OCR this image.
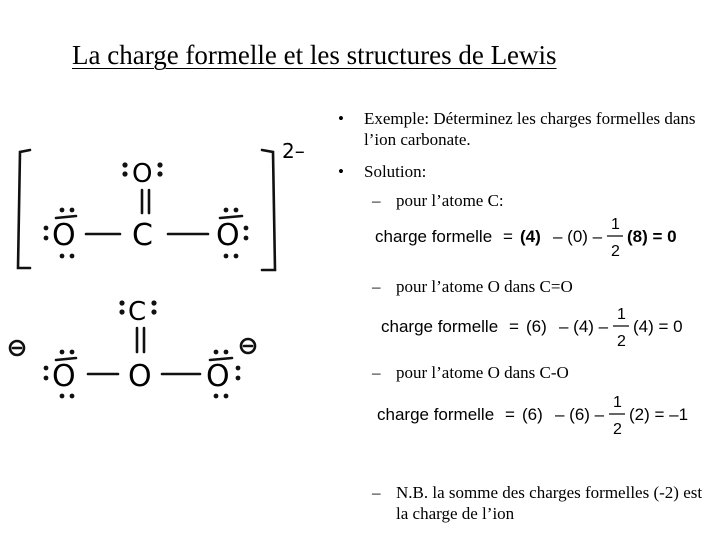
La charge formelle et les structures de Lewis
2–
O
C
O	O
C
O
O	O
• Exemple: Déterminez les charges formelles dans l’ion carbonate.
• Solution:
– pour l’atome C:
– pour l’atome O dans C=O
– pour l’atome O dans C-O
– N.B. la somme des charges formelles (-2) est la charge de l’ion
charge formelle = (4) – (0) –
1
2
(8) = 0
charge formelle = (6) – (4) –
1
2
(4) = 0
charge formelle = (6) – (6) –
1
2
(2) = –1
